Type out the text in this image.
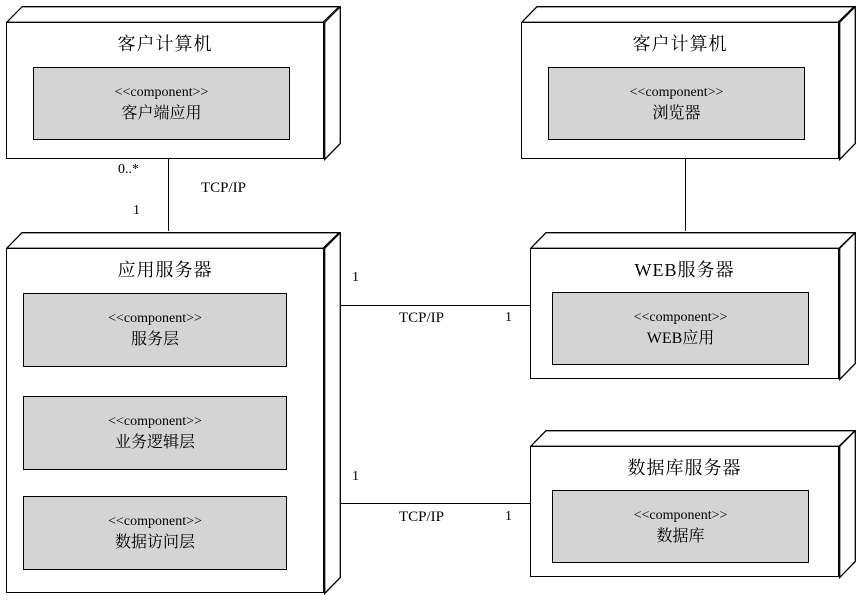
0..*
1
TCP/IP
1
1
TCP/IP
1
1
TCP/IP
客户计算机
<<component>>
客户端应用
客户计算机
<<component>>
浏览器
应用服务器
<<component>>
服务层
<<component>>
业务逻辑层
<<component>>
数据访问层
WEB服务器
<<component>>
WEB应用
数据库服务器
<<component>>
数据库
